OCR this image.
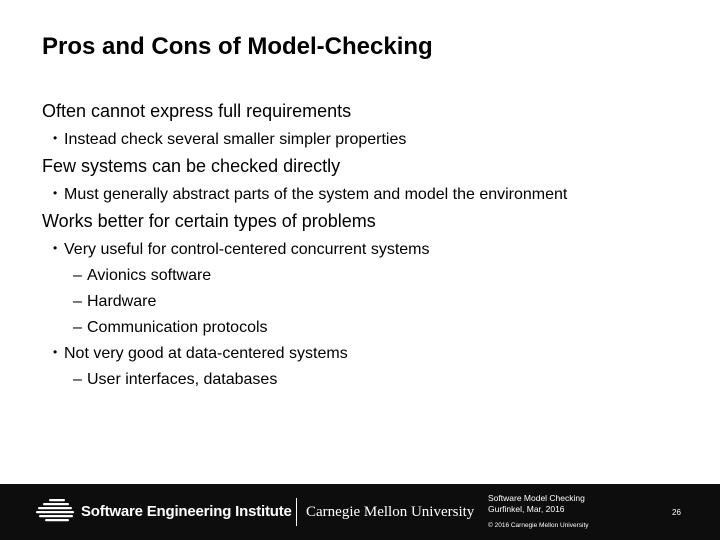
Pros and Cons of Model-Checking
Often cannot express full requirements
• Instead check several smaller simpler properties
Few systems can be checked directly
• Must generally abstract parts of the system and model the environment
Works better for certain types of problems
• Very useful for control-centered concurrent systems
– Avionics software
– Hardware
– Communication protocols
• Not very good at data-centered systems
– User interfaces, databases
Software Engineering Institute Carnegie Mellon University
Software Model Checking
Gurfinkel, Mar, 2016
© 2016 Carnegie Mellon University
26
